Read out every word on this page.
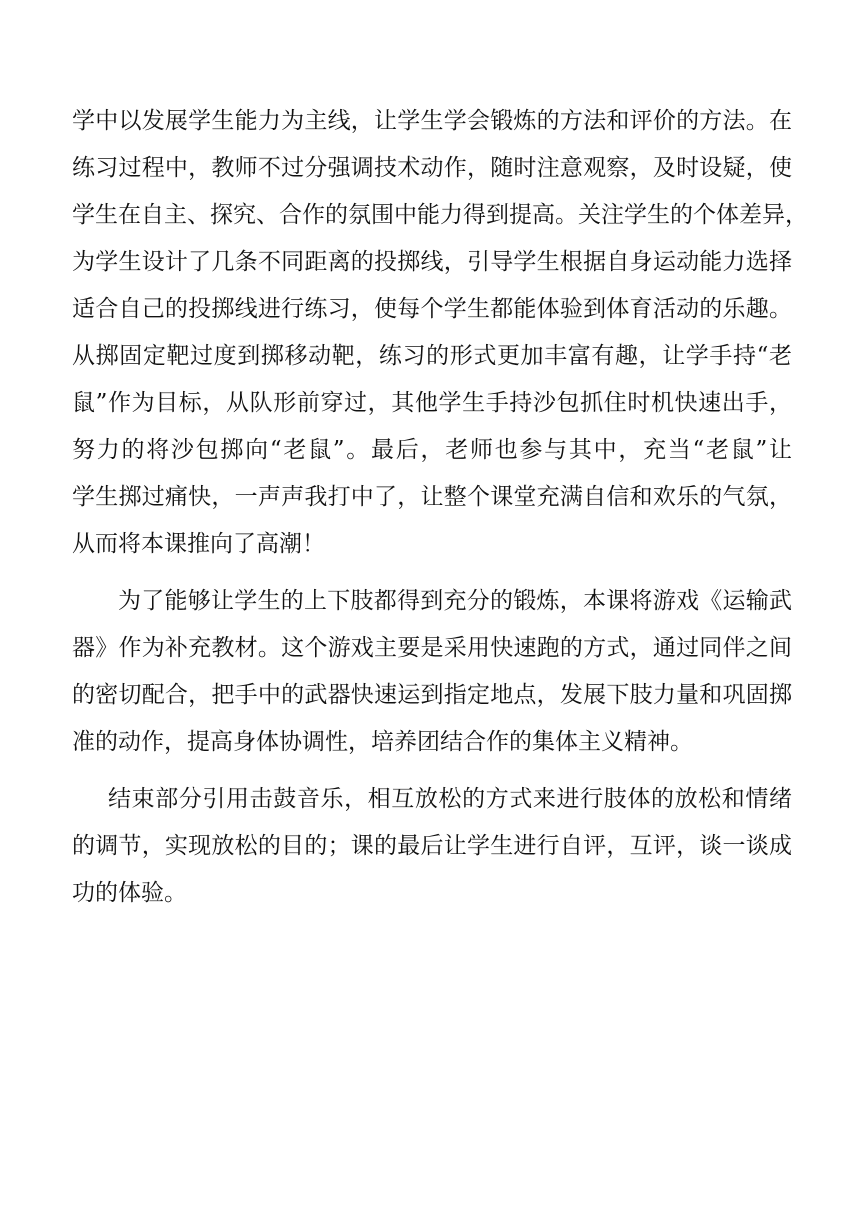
学中以发展学生能力为主线，让学生学会锻炼的方法和评价的方法。在
练习过程中，教师不过分强调技术动作，随时注意观察，及时设疑，使
学生在自主、探究、合作的氛围中能力得到提高。关注学生的个体差异，
为学生设计了几条不同距离的投掷线，引导学生根据自身运动能力选择
适合自己的投掷线进行练习，使每个学生都能体验到体育活动的乐趣。
从掷固定靶过度到掷移动靶，练习的形式更加丰富有趣，让学手持“老
鼠”作为目标，从队形前穿过，其他学生手持沙包抓住时机快速出手，
努力的将沙包掷向“老鼠”。最后，老师也参与其中，充当“老鼠”让
学生掷过痛快，一声声我打中了，让整个课堂充满自信和欢乐的气氛，
从而将本课推向了高潮！
为了能够让学生的上下肢都得到充分的锻炼，本课将游戏《运输武
器》作为补充教材。这个游戏主要是采用快速跑的方式，通过同伴之间
的密切配合，把手中的武器快速运到指定地点，发展下肢力量和巩固掷
准的动作，提高身体协调性，培养团结合作的集体主义精神。
结束部分引用击鼓音乐，相互放松的方式来进行肢体的放松和情绪
的调节，实现放松的目的；课的最后让学生进行自评，互评，谈一谈成
功的体验。
